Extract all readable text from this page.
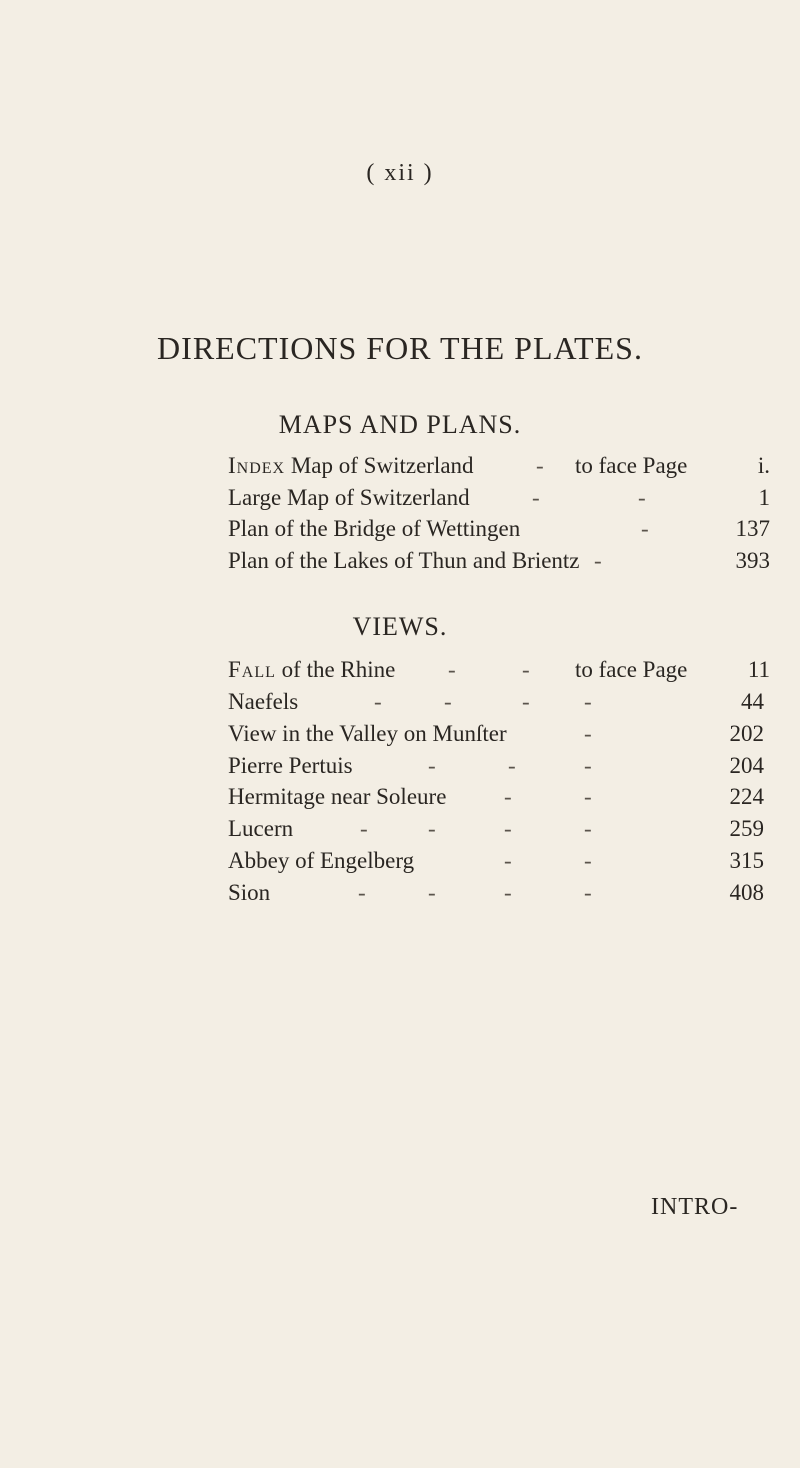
( xii )
DIRECTIONS FOR THE PLATES.
MAPS AND PLANS.
Index Map of Switzerland	- to face Page	i.
Large Map of Switzerland	-	-	1
Plan of the Bridge of Wettingen	-	137
Plan of the Lakes of Thun and Brientz -	393
VIEWS.
Fall of the Rhine -	- to face Page	11
Naefels	-	-	- -	44
View in the Valley on Munſter	-	202
Pierre Pertuis	-	-	-	204
Hermitage near Soleure	-	-	224
Lucern	-	-	-	-	259
Abbey of Engelberg	-	-	315
Sion	-	-	-	-	408
INTRO-
